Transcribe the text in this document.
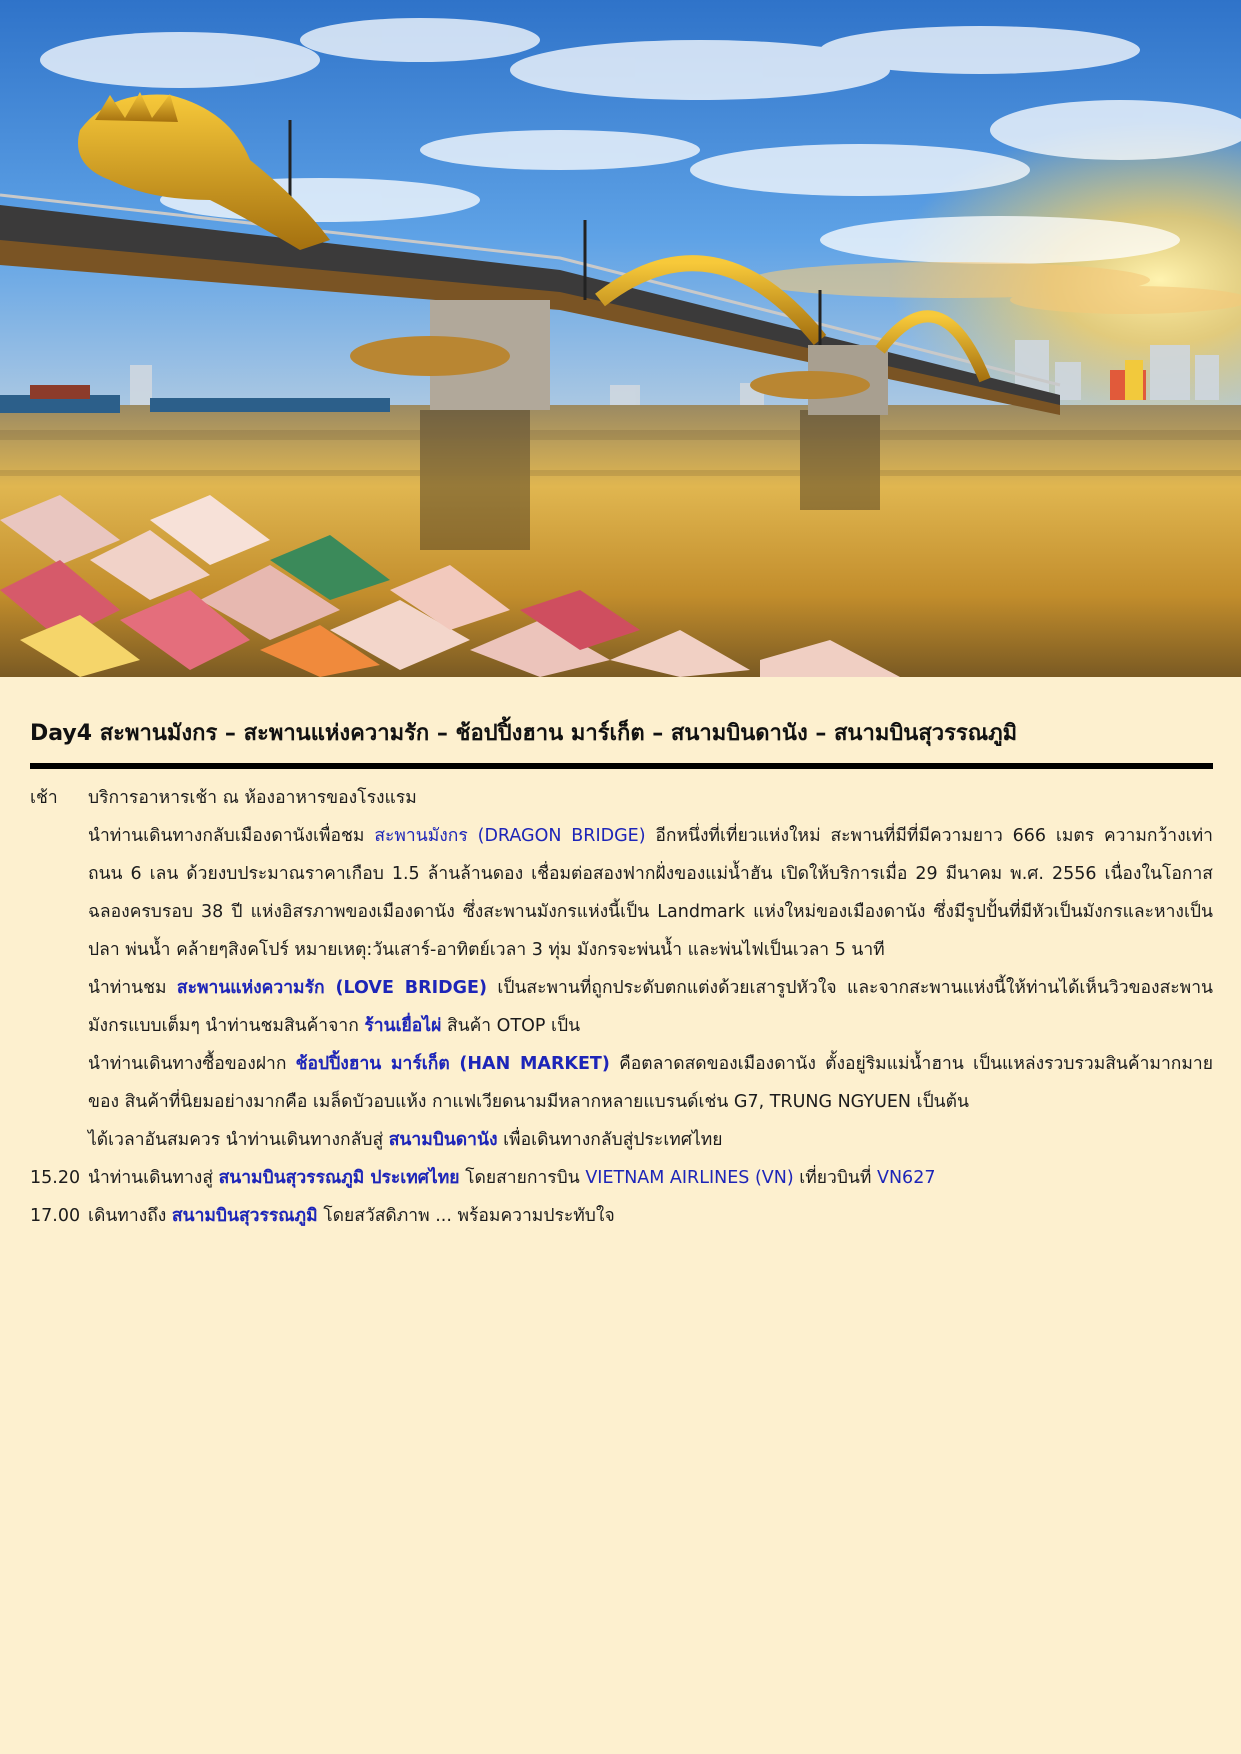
Day4 สะพานมังกร – สะพานแห่งความรัก – ช้อปปิ้งฮาน มาร์เก็ต – สนามบินดานัง – สนามบินสุวรรณภูมิ
เช้า	บริการอาหารเช้า ณ ห้องอาหารของโรงแรม
นำท่านเดินทางกลับเมืองดานังเพื่อชม สะพานมังกร (DRAGON BRIDGE) อีกหนึ่งที่เที่ยวแห่งใหม่ สะพานที่มีที่มีความยาว 666 เมตร ความกว้างเท่าถนน 6 เลน ด้วยงบประมาณราคาเกือบ 1.5 ล้านล้านดอง เชื่อมต่อสองฟากฝั่งของแม่น้ำฮัน เปิดให้บริการเมื่อ 29 มีนาคม พ.ศ. 2556 เนื่องในโอกาสฉลองครบรอบ 38 ปี แห่งอิสรภาพของเมืองดานัง ซึ่งสะพานมังกรแห่งนี้เป็น Landmark แห่งใหม่ของเมืองดานัง ซึ่งมีรูปปั้นที่มีหัวเป็นมังกรและหางเป็นปลา พ่นน้ำ คล้ายๆสิงคโปร์ หมายเหตุ:วันเสาร์-อาทิตย์เวลา 3 ทุ่ม มังกรจะพ่นน้ำ และพ่นไฟเป็นเวลา 5 นาที
นำท่านชม สะพานแห่งความรัก (LOVE BRIDGE) เป็นสะพานที่ถูกประดับตกแต่งด้วยเสารูปหัวใจ และจากสะพานแห่งนี้ให้ท่านได้เห็นวิวของสะพานมังกรแบบเต็มๆ นำท่านชมสินค้าจาก ร้านเยื่อไผ่ สินค้า OTOP เป็น
นำท่านเดินทางซื้อของฝาก ช้อปปิ้งฮาน มาร์เก็ต (HAN MARKET) คือตลาดสดของเมืองดานัง ตั้งอยู่ริมแม่น้ำฮาน เป็นแหล่งรวบรวมสินค้ามากมายของ สินค้าที่นิยมอย่างมากคือ เมล็ดบัวอบแห้ง กาแฟเวียดนามมีหลากหลายแบรนด์เช่น G7, TRUNG NGYUEN เป็นต้น
ได้เวลาอันสมควร นำท่านเดินทางกลับสู่ สนามบินดานัง เพื่อเดินทางกลับสู่ประเทศไทย
15.20 นำท่านเดินทางสู่ สนามบินสุวรรณภูมิ ประเทศไทย โดยสายการบิน VIETNAM AIRLINES (VN) เที่ยวบินที่ VN627
17.00 เดินทางถึง สนามบินสุวรรณภูมิ โดยสวัสดิภาพ ... พร้อมความประทับใจ
